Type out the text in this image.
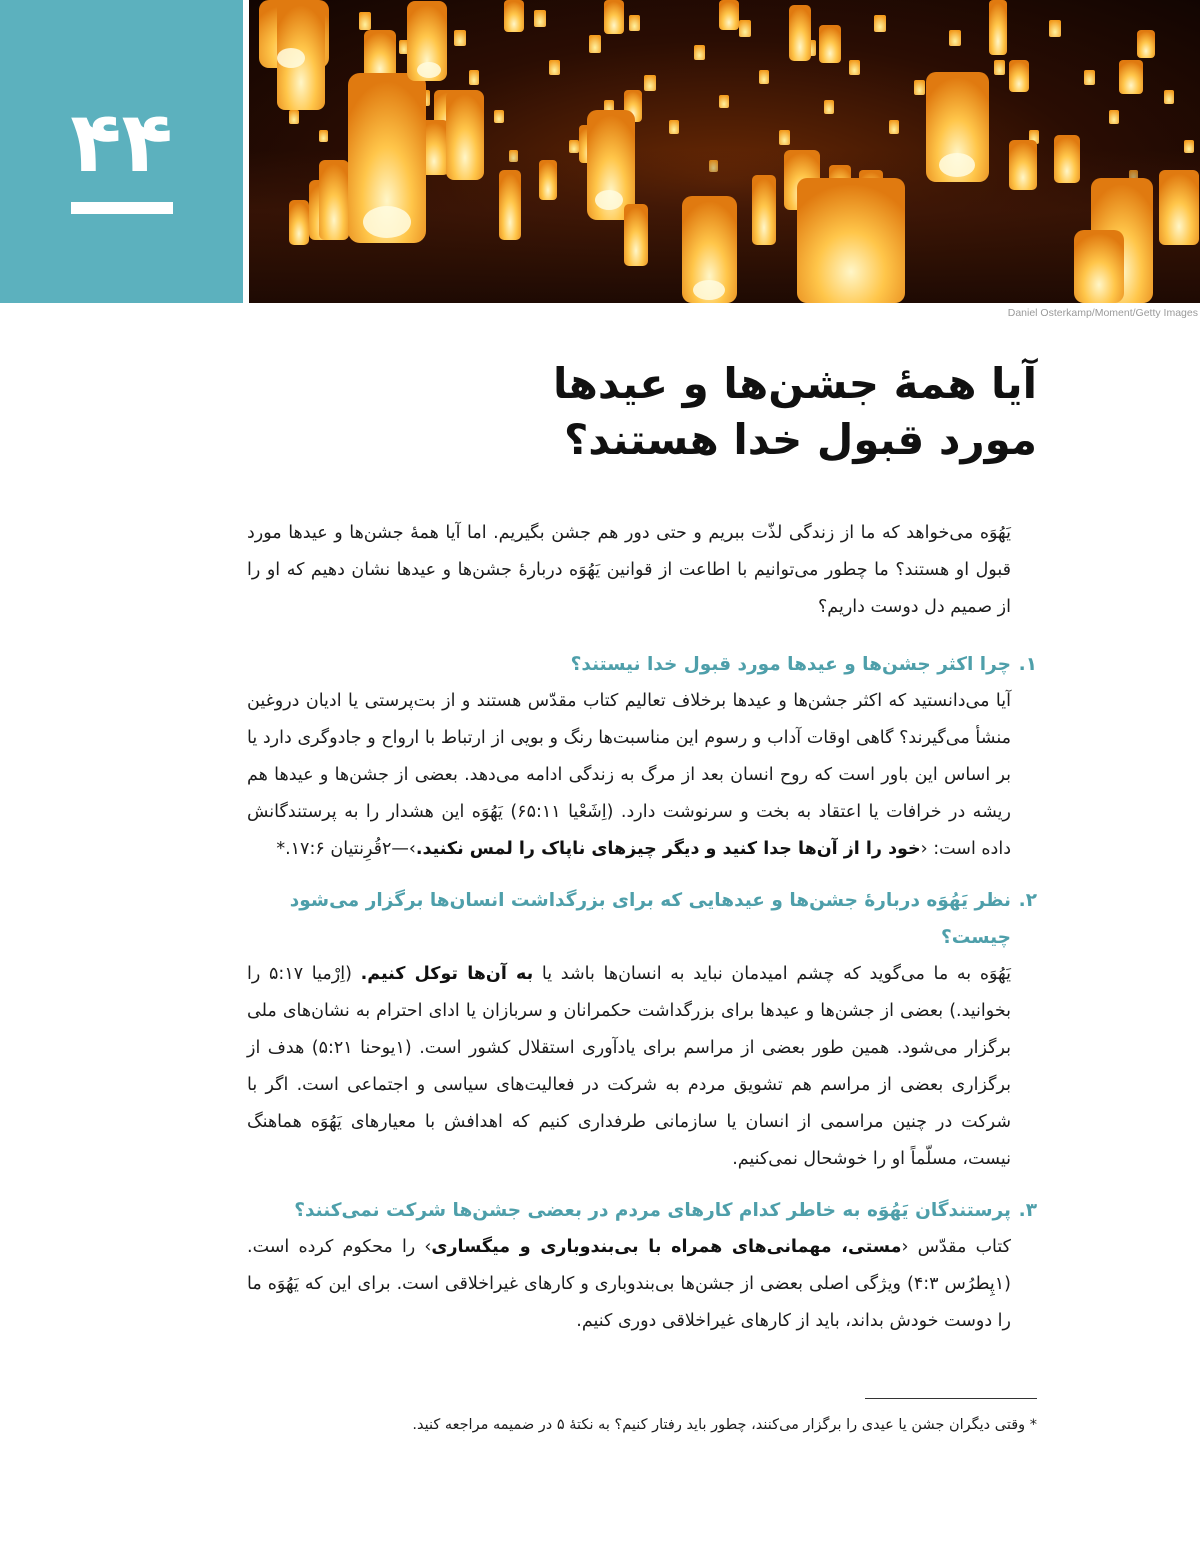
۴۴
Daniel Osterkamp/Moment/Getty Images
آیا همهٔ جشن‌ها و عیدها
مورد قبول خدا هستند؟

یَهُوَه می‌خواهد که ما از زندگی لذّت ببریم و حتی دور هم جشن بگیریم. اما آیا همهٔ جشن‌ها و عیدها مورد قبول او هستند؟ ما چطور می‌توانیم با اطاعت از قوانین یَهُوَه دربارهٔ جشن‌ها و عیدها نشان دهیم که او را از صمیم دل دوست داریم؟

۱.
چرا اکثر جشن‌ها و عیدها مورد قبول خدا نیستند؟

آیا می‌دانستید که اکثر جشن‌ها و عیدها برخلاف تعالیم کتاب مقدّس هستند و از بت‌پرستی یا ادیان دروغین منشأ می‌گیرند؟ گاهی اوقات آداب و رسوم این مناسبت‌ها رنگ و بویی از ارتباط با ارواح و جادوگری دارد یا بر اساس این باور است که روح انسان بعد از مرگ به زندگی ادامه می‌دهد. بعضی از جشن‌ها و عیدها هم ریشه در خرافات یا اعتقاد به بخت و سرنوشت دارد. (اِشَعْیا ۶۵:۱۱) یَهُوَه این هشدار را به پرستندگانش داده است: ‹خود را از آن‌ها جدا کنید و دیگر چیزهای ناپاک را لمس نکنید.›—۲قُرِنتیان ۶:‏۱۷.*

۲.
نظر یَهُوَه دربارهٔ جشن‌ها و عیدهایی که برای بزرگداشت انسان‌ها برگزار می‌شود چیست؟

یَهُوَه به ما می‌گوید که چشم امیدمان نباید به انسان‌ها باشد یا به آن‌ها توکل کنیم. (اِرْمیا ۱۷:‏۵ را بخوانید.) بعضی از جشن‌ها و عیدها برای بزرگداشت حکمرانان و سربازان یا ادای احترام به نشان‌های ملی برگزار می‌شود. همین طور بعضی از مراسم برای یادآوری استقلال کشور است. (۱یوحنا ۵:۲۱) هدف از برگزاری بعضی از مراسم هم تشویق مردم به شرکت در فعالیت‌های سیاسی و اجتماعی است. اگر با شرکت در چنین مراسمی از انسان یا سازمانی طرفداری کنیم که اهدافش با معیارهای یَهُوَه هماهنگ نیست، مسلّماً او را خوشحال نمی‌کنیم.

۳.
پرستندگان یَهُوَه به خاطر کدام کارهای مردم در بعضی جشن‌ها شرکت نمی‌کنند؟

کتاب مقدّس ‹مستی، مهمانی‌های همراه با بی‌بندوباری و میگساری› را محکوم کرده است. (۱پِطرُس ۴:۳) ویژگی اصلی بعضی از جشن‌ها بی‌بندوباری و کارهای غیراخلاقی است. برای این که یَهُوَه ما را دوست خودش بداند، باید از کارهای غیراخلاقی دوری کنیم.

* وقتی دیگران جشن یا عیدی را برگزار می‌کنند، چطور باید رفتار کنیم؟ به نکتهٔ ۵ در ضمیمه مراجعه کنید.
